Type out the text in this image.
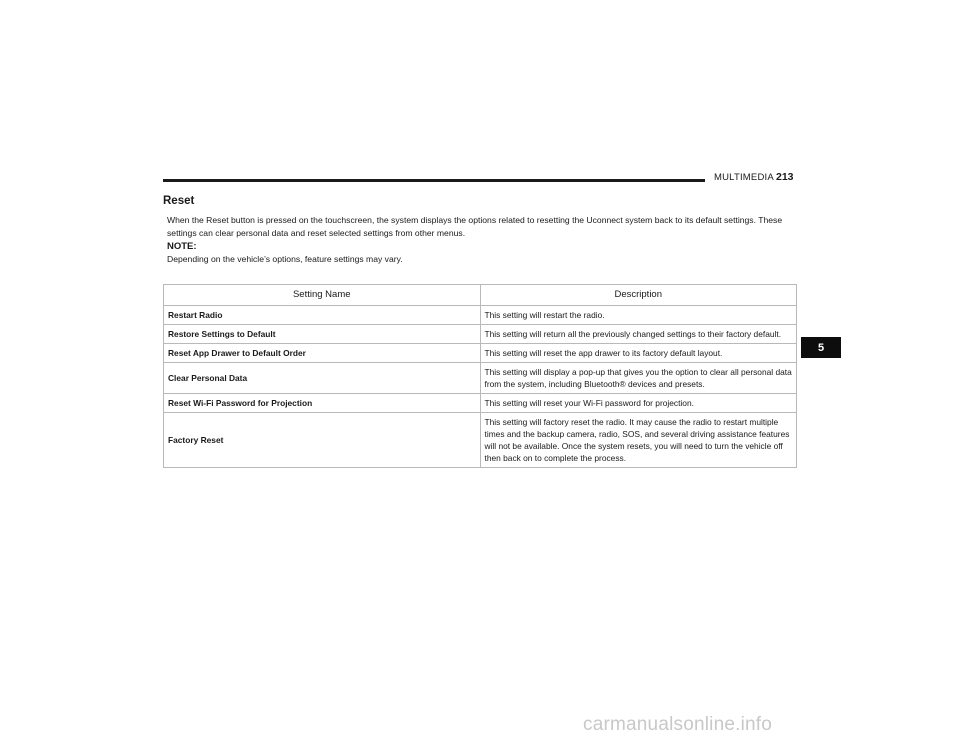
MULTIMEDIA 213
Reset

When the Reset button is pressed on the touchscreen, the system displays the options related to resetting the Uconnect system back to its default settings. These settings can clear personal data and reset selected settings from other menus.

NOTE:

Depending on the vehicle’s options, feature settings may vary.

Setting Name	Description
Restart Radio	This setting will restart the radio.
Restore Settings to Default	This setting will return all the previously changed settings to their factory default.
Reset App Drawer to Default Order	This setting will reset the app drawer to its factory default layout.
Clear Personal Data	This setting will display a pop-up that gives you the option to clear all personal data from the system, including Bluetooth® devices and presets.
Reset Wi-Fi Password for Projection	This setting will reset your Wi-Fi password for projection.
Factory Reset	This setting will factory reset the radio. It may cause the radio to restart multiple times and the backup camera, radio, SOS, and several driving assistance features will not be available. Once the system resets, you will need to turn the vehicle off then back on to complete the process.
5
carmanualsonline.info
